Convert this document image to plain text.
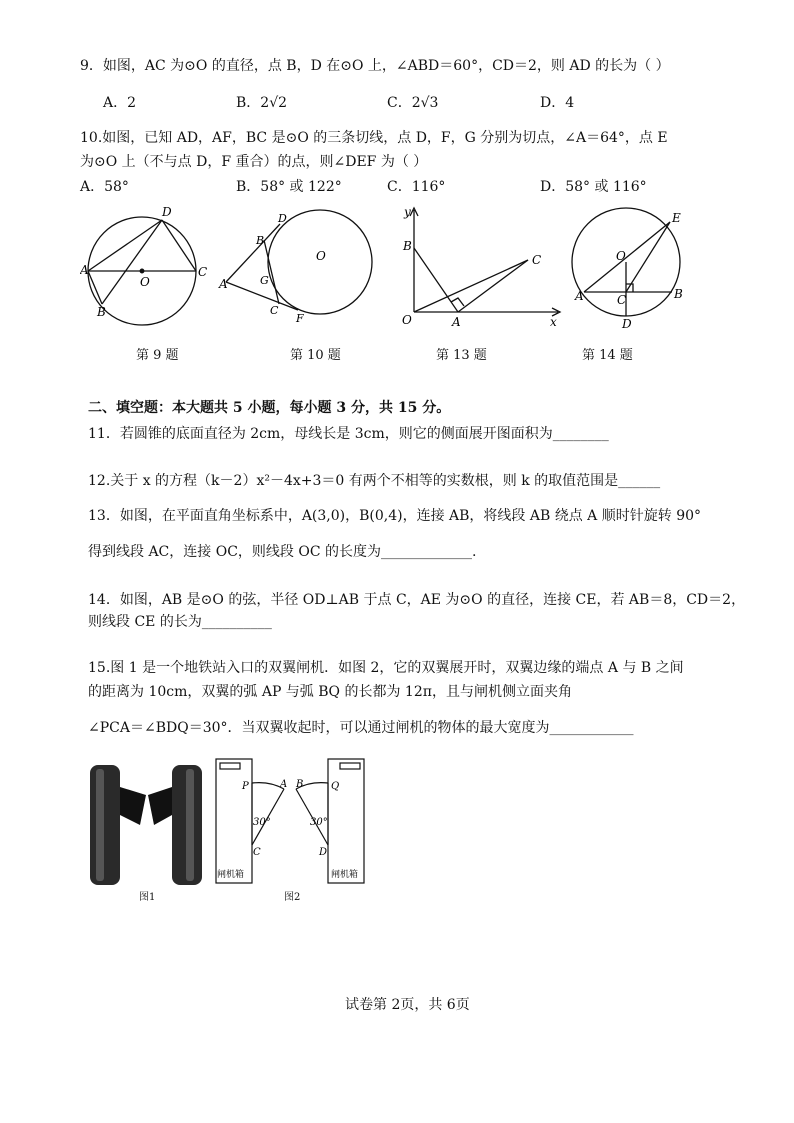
9．如图，AC 为⊙O 的直径，点 B，D 在⊙O 上，∠ABD＝60°，CD＝2，则 AD 的长为（ ）
A．2	B．2√2	C．2√3	D．4
10.如图，已知 AD，AF，BC 是⊙O 的三条切线，点 D，F，G 分别为切点，∠A＝64°，点 E
为⊙O 上（不与点 D，F 重合）的点，则∠DEF 为（ ）
A．58°	B．58° 或 122°	C．116°	D．58° 或 116°
A
B
C
D
O	A
B
C
D
F
G
O
y
x
O	A
B
C
A	B
C
D
E
O
第 9 题	第 10 题	第 13 题	第 14 题
二、填空题：本大题共 5 小题，每小题 3 分，共 15 分。
11．若圆锥的底面直径为 2cm，母线长是 3cm，则它的侧面展开图面积为________
12.关于 x 的方程（k－2）x²－4x+3＝0 有两个不相等的实数根，则 k 的取值范围是______
13．如图，在平面直角坐标系中，A(3,0)，B(0,4)，连接 AB，将线段 AB 绕点 A 顺时针旋转 90°
得到线段 AC，连接 OC，则线段 OC 的长度为_____________.
14．如图，AB 是⊙O 的弦，半径 OD⊥AB 于点 C，AE 为⊙O 的直径，连接 CE，若 AB＝8，CD＝2，
则线段 CE 的长为__________
15.图 1 是一个地铁站入口的双翼闸机．如图 2，它的双翼展开时，双翼边缘的端点 A 与 B 之间
的距离为 10cm，双翼的弧 AP 与弧 BQ 的长都为 12π，且与闸机侧立面夹角
∠PCA＝∠BDQ＝30°．当双翼收起时，可以通过闸机的物体的最大宽度为____________
P	A B	Q
C	D
30°	30°
闸机箱	闸机箱
图1	图2
试卷第 2页，共 6页
